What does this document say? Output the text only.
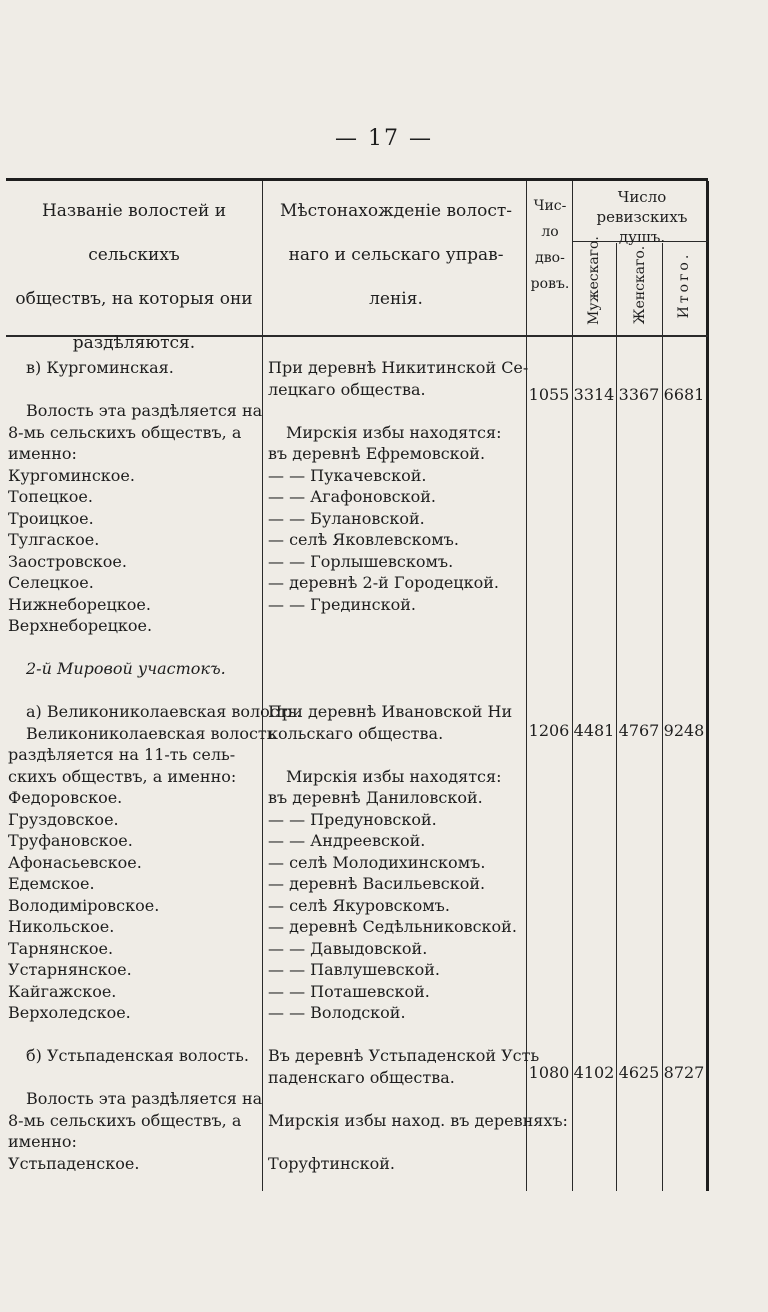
— 17 —
Названіе волостей и сельскихъ
обществъ, на которыя они
раздѣляются.
Мѣстонахожденіе волост-
наго и сельскаго управ-
ленія.
Чис-
ло
дво-
ровъ.
Число ревизскихъ
душъ.
Мужескаго. Женскаго. Итого.
в) Кургоминская.
Волость эта раздѣляется на
8-мь сельскихъ обществъ, а
именно:
Кургоминское.
Топецкое.
Троицкое.
Тулгаское.
Заостровское.
Селецкое.
Нижнеборецкое.
Верхнеборецкое.
2-й Мировой участокъ.
а) Великониколаевская волость.
Великониколаевская волость
раздѣляется на 11-ть сель-
скихъ обществъ, а именно:
Федоровское.
Груздовское.
Труфановское.
Афонасьевское.
Едемское.
Володиміровское.
Никольское.
Тарнянское.
Устарнянское.
Кайгажское.
Верхоледское.
б) Устьпаденская волость.
Волость эта раздѣляется на
8-мь сельскихъ обществъ, а
именно:
Устьпаденское.
При деревнѣ Никитинской Се-
лецкаго общества.
Мирскія избы находятся:
въ деревнѣ Ефремовской.
— — Пукачевской.
— — Агафоновской.
— — Булановской.
— селѣ Яковлевскомъ.
— — Горлышевскомъ.
— деревнѣ 2-й Городецкой.
— — Грединской.
При деревнѣ Ивановской Ни
кольскаго общества.
Мирскія избы находятся:
въ деревнѣ Даниловской.
— — Предуновской.
— — Андреевской.
— селѣ Молодихинскомъ.
— деревнѣ Васильевской.
— селѣ Якуровскомъ.
— деревнѣ Седѣльниковской.
— — Давыдовской.
— — Павлушевской.
— — Поташевской.
— — Володской.
Въ деревнѣ Устьпаденской Усть
паденскаго общества.
Мирскія избы наход. въ деревняхъ:
Торуфтинской.
1055 3314 3367 6681
1206 4481 4767 9248
1080 4102 4625 8727
